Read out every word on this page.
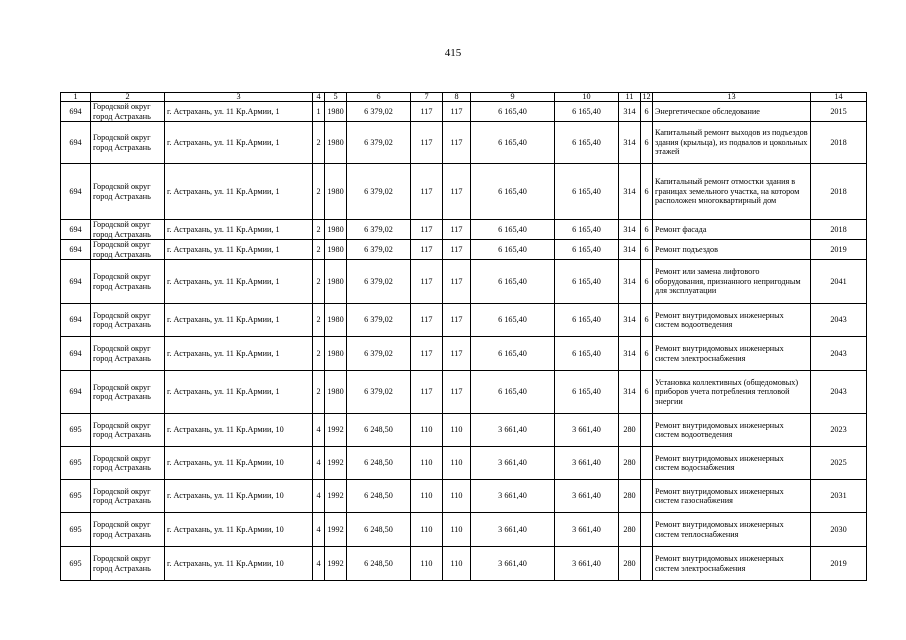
415
1	2	3	4	5	6	7	8	9	10	11	12	13	14
694	Городской округ город Астрахань	г. Астрахань, ул. 11 Кр.Армии, 1	1	1980	6 379,02	117	117	6 165,40	6 165,40	314	6	Энергетическое обследование	2015
694	Городской округ город Астрахань	г. Астрахань, ул. 11 Кр.Армии, 1	2	1980	6 379,02	117	117	6 165,40	6 165,40	314	6	Капитальный ремонт выходов из подъездов здания (крыльца), из подвалов и цокольных этажей	2018
694	Городской округ город Астрахань	г. Астрахань, ул. 11 Кр.Армии, 1	2	1980	6 379,02	117	117	6 165,40	6 165,40	314	6	Капитальный ремонт отмостки здания в границах земельного участка, на котором расположен многоквартирный дом	2018
694	Городской округ город Астрахань	г. Астрахань, ул. 11 Кр.Армии, 1	2	1980	6 379,02	117	117	6 165,40	6 165,40	314	6	Ремонт фасада	2018
694	Городской округ город Астрахань	г. Астрахань, ул. 11 Кр.Армии, 1	2	1980	6 379,02	117	117	6 165,40	6 165,40	314	6	Ремонт подъездов	2019
694	Городской округ город Астрахань	г. Астрахань, ул. 11 Кр.Армии, 1	2	1980	6 379,02	117	117	6 165,40	6 165,40	314	6	Ремонт или замена лифтового оборудования, признанного непригодным для эксплуатации	2041
694	Городской округ город Астрахань	г. Астрахань, ул. 11 Кр.Армии, 1	2	1980	6 379,02	117	117	6 165,40	6 165,40	314	6	Ремонт внутридомовых инженерных систем водоотведения	2043
694	Городской округ город Астрахань	г. Астрахань, ул. 11 Кр.Армии, 1	2	1980	6 379,02	117	117	6 165,40	6 165,40	314	6	Ремонт внутридомовых инженерных систем электроснабжения	2043
694	Городской округ город Астрахань	г. Астрахань, ул. 11 Кр.Армии, 1	2	1980	6 379,02	117	117	6 165,40	6 165,40	314	6	Установка коллективных (общедомовых) приборов учета потребления тепловой энергии	2043
695	Городской округ город Астрахань	г. Астрахань, ул. 11 Кр.Армии, 10	4	1992	6 248,50	110	110	3 661,40	3 661,40	280		Ремонт внутридомовых инженерных систем водоотведения	2023
695	Городской округ город Астрахань	г. Астрахань, ул. 11 Кр.Армии, 10	4	1992	6 248,50	110	110	3 661,40	3 661,40	280		Ремонт внутридомовых инженерных систем водоснабжения	2025
695	Городской округ город Астрахань	г. Астрахань, ул. 11 Кр.Армии, 10	4	1992	6 248,50	110	110	3 661,40	3 661,40	280		Ремонт внутридомовых инженерных систем газоснабжения	2031
695	Городской округ город Астрахань	г. Астрахань, ул. 11 Кр.Армии, 10	4	1992	6 248,50	110	110	3 661,40	3 661,40	280		Ремонт внутридомовых инженерных систем теплоснабжения	2030
695	Городской округ город Астрахань	г. Астрахань, ул. 11 Кр.Армии, 10	4	1992	6 248,50	110	110	3 661,40	3 661,40	280		Ремонт внутридомовых инженерных систем электроснабжения	2019
